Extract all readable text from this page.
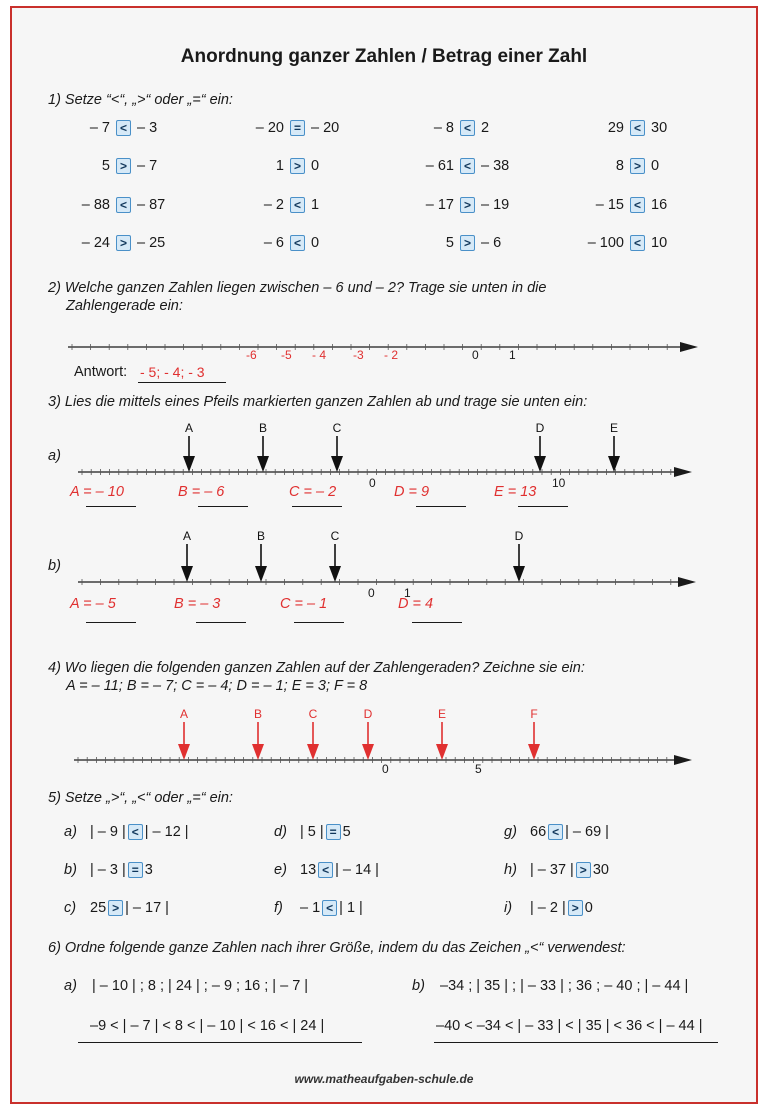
Anordnung ganzer Zahlen / Betrag einer Zahl
1) Setze “<“, „>“ oder „=“ ein:
2) Welche ganzen Zahlen liegen zwischen – 6 und – 2? Trage sie unten in die
Zahlengerade ein:
-6 -5 - 4 -3 - 2	0	1
Antwort: - 5; - 4; - 3
3) Lies die mittels eines Pfeils markierten ganzen Zahlen ab und trage sie unten ein:
a)
A	B	C	D	E
0	10
b)
A	B	C	D
0 1
4) Wo liegen die folgenden ganzen Zahlen auf der Zahlengeraden? Zeichne sie ein:
A = – 11; B = – 7; C = – 4; D = – 1; E = 3; F = 8
A	B	C	D	E	F
0	5
5) Setze „>“, „<“ oder „=“ ein:
6) Ordne folgende ganze Zahlen nach ihrer Größe, indem du das Zeichen „<“ verwendest:
a) | – 10 | ; 8 ; | 24 | ; – 9 ; 16 ; | – 7 |	b) –34 ; | 35 | ; | – 33 | ; 36 ; – 40 ; | – 44 |
–9 < | – 7 | < 8 < | – 10 | < 16 < | 24 |	–40 < –34 < | – 33 | < | 35 | < 36 < | – 44 |
www.matheaufgaben-schule.de
– 7 < – 3	– 20 = – 20	– 8 < 2	29 < 30
5 > – 7	1 > 0	– 61 < – 38	8 > 0
– 88 < – 87	– 2 < 1	– 17 > – 19	– 15 < 16
– 24 > – 25	– 6 < 0	5 > – 6	– 100 < 10
A = – 10	B = – 6	C = – 2	D = 9	E = 13
A = – 5	B = – 3	C = – 1	D = 4
a) | – 9 | < | – 12 |
b) | – 3 | = 3
c) 25 > | – 17 |
d) | 5 | = 5
e) 13 < | – 14 |
f) – 1 < | 1 |
g) 66 < | – 69 |
h) | – 37 | > 30
i) | – 2 | > 0
